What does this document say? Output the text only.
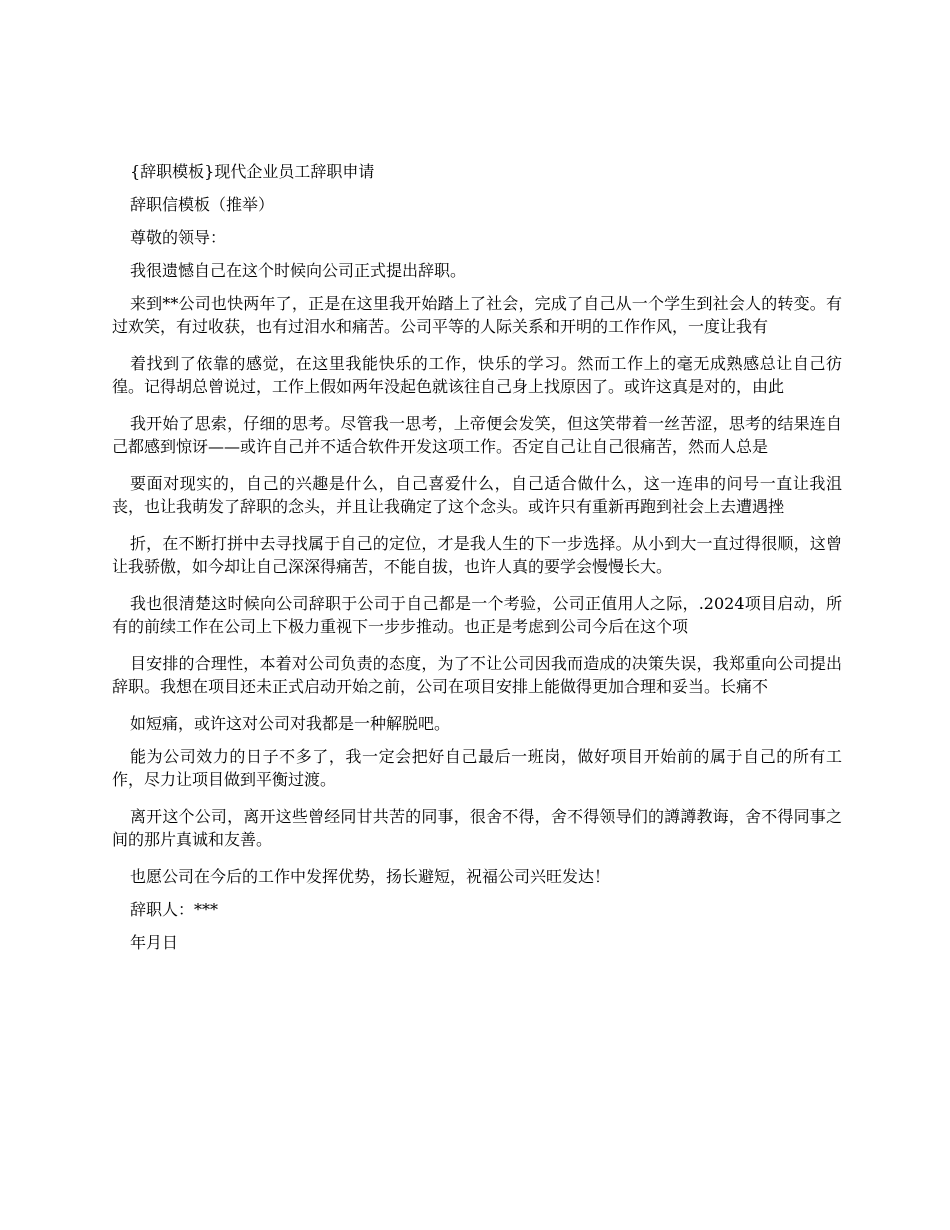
{辞职模板}现代企业员工辞职申请

辞职信模板（推举）

尊敬的领导：

我很遗憾自己在这个时候向公司正式提出辞职。

来到**公司也快两年了，正是在这里我开始踏上了社会，完成了自己从一个学生到社会人的转变。有过欢笑，有过收获，也有过泪水和痛苦。公司平等的人际关系和开明的工作作风，一度让我有

着找到了依靠的感觉，在这里我能快乐的工作，快乐的学习。然而工作上的毫无成熟感总让自己彷徨。记得胡总曾说过，工作上假如两年没起色就该往自己身上找原因了。或许这真是对的，由此

我开始了思索，仔细的思考。尽管我一思考，上帝便会发笑，但这笑带着一丝苦涩，思考的结果连自己都感到惊讶——或许自己并不适合软件开发这项工作。否定自己让自己很痛苦，然而人总是

要面对现实的，自己的兴趣是什么，自己喜爱什么，自己适合做什么，这一连串的问号一直让我沮丧，也让我萌发了辞职的念头，并且让我确定了这个念头。或许只有重新再跑到社会上去遭遇挫

折，在不断打拼中去寻找属于自己的定位，才是我人生的下一步选择。从小到大一直过得很顺，这曾让我骄傲，如今却让自己深深得痛苦，不能自拔，也许人真的要学会慢慢长大。

我也很清楚这时候向公司辞职于公司于自己都是一个考验，公司正值用人之际，.2024项目启动，所有的前续工作在公司上下极力重视下一步步推动。也正是考虑到公司今后在这个项

目安排的合理性，本着对公司负责的态度，为了不让公司因我而造成的决策失误，我郑重向公司提出辞职。我想在项目还未正式启动开始之前，公司在项目安排上能做得更加合理和妥当。长痛不

如短痛，或许这对公司对我都是一种解脱吧。

能为公司效力的日子不多了，我一定会把好自己最后一班岗，做好项目开始前的属于自己的所有工作，尽力让项目做到平衡过渡。

离开这个公司，离开这些曾经同甘共苦的同事，很舍不得，舍不得领导们的譐譐教诲，舍不得同事之间的那片真诚和友善。

也愿公司在今后的工作中发挥优势，扬长避短，祝福公司兴旺发达！

辞职人：***

年月日
